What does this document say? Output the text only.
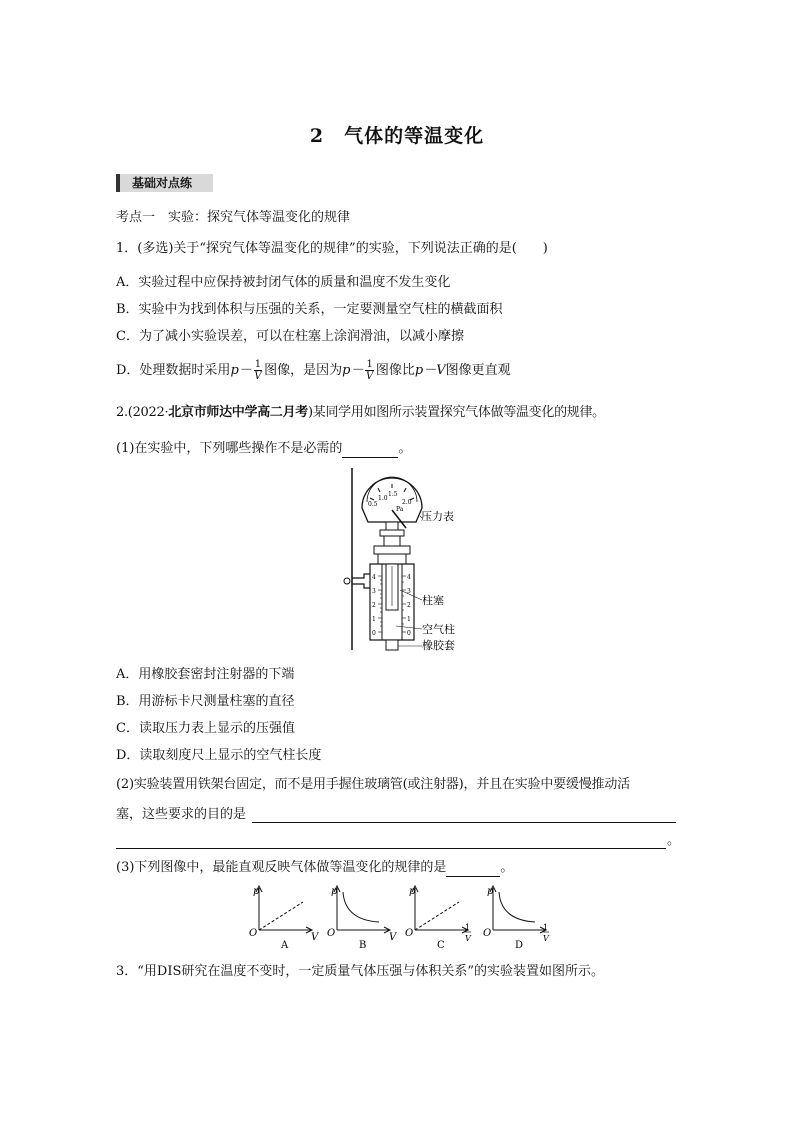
2　气体的等温变化
基础对点练
考点一　实验：探究气体等温变化的规律
1．(多选)关于“探究气体等温变化的规律”的实验，下列说法正确的是(　　)
A．实验过程中应保持被封闭气体的质量和温度不发生变化
B．实验中为找到体积与压强的关系，一定要测量空气柱的横截面积
C．为了减小实验误差，可以在柱塞上涂润滑油，以减小摩擦
D．处理数据时采用$p- \frac{1}{V}$ 图像，是因为$p- \frac{1}{V}$ 图像比p－V图像更直观
2.(2022·北京市师达中学高二月考)某同学用如图所示装置探究气体做等温变化的规律。
(1)在实验中，下列哪些操作不是必需的	。
1.5
1.0
2.0
0.5
Pa
4
3
2
1
0
4
3
2
1
0
压力表
柱塞
空气柱
橡胶套
A．用橡胶套密封注射器的下端
B．用游标卡尺测量柱塞的直径
C．读取压力表上显示的压强值
D．读取刻度尺上显示的空气柱长度
(2)实验装置用铁架台固定，而不是用手握住玻璃管(或注射器)，并且在实验中要缓慢推动活
塞，这些要求的目的是
。
(3)下列图像中，最能直观反映气体做等温变化的规律的是	。
p
O	V
A
p
O	V
B
p
O
1
V
C
p
O
1
V
D
3．“用DIS研究在温度不变时，一定质量气体压强与体积关系”的实验装置如图所示。
